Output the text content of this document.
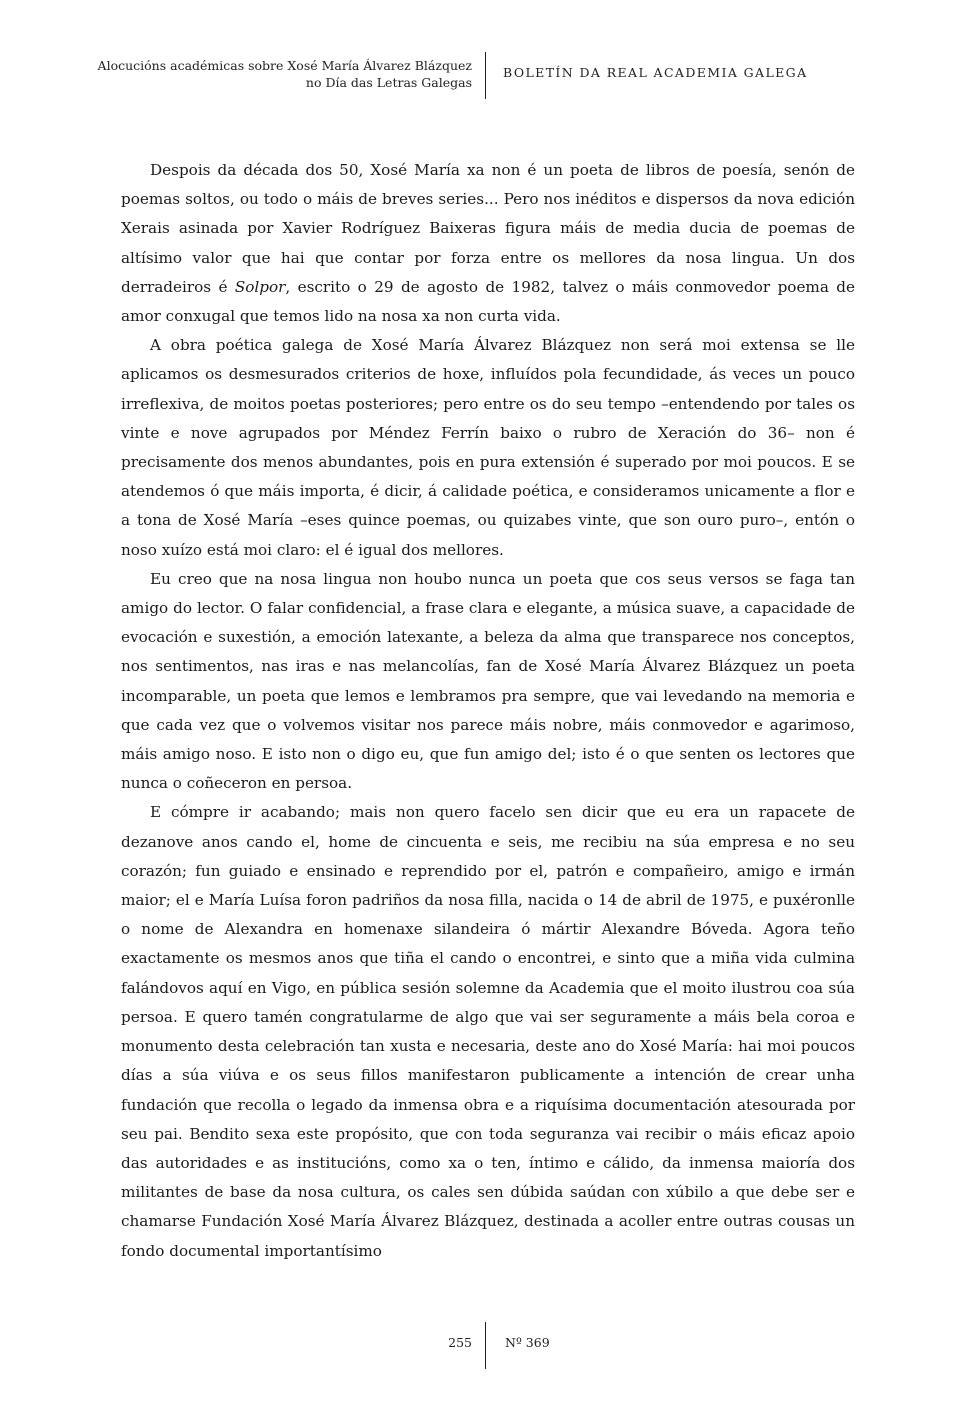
Alocucións académicas sobre Xosé María Álvarez Blázquez
no Día das Letras Galegas
BOLETÍN DA REAL ACADEMIA GALEGA

Despois da década dos 50, Xosé María xa non é un poeta de libros de poesía, senón de poemas soltos, ou todo o máis de breves series... Pero nos inéditos e dispersos da nova edición Xerais asinada por Xavier Rodríguez Baixeras figura máis de media ducia de poemas de altísimo valor que hai que contar por forza entre os mellores da nosa lingua. Un dos derradeiros é Solpor, escrito o 29 de agosto de 1982, talvez o máis conmovedor poema de amor conxugal que temos lido na nosa xa non curta vida.

A obra poética galega de Xosé María Álvarez Blázquez non será moi extensa se lle aplicamos os desmesurados criterios de hoxe, influídos pola fecundidade, ás veces un pouco irreflexiva, de moitos poetas posteriores; pero entre os do seu tempo –entendendo por tales os vinte e nove agrupados por Méndez Ferrín baixo o rubro de Xeración do 36– non é precisamente dos menos abundantes, pois en pura extensión é superado por moi poucos. E se atendemos ó que máis importa, é dicir, á calidade poética, e consideramos unicamente a flor e a tona de Xosé María –eses quince poemas, ou quizabes vinte, que son ouro puro–, entón o noso xuízo está moi claro: el é igual dos mellores.

Eu creo que na nosa lingua non houbo nunca un poeta que cos seus versos se faga tan amigo do lector. O falar confidencial, a frase clara e elegante, a música suave, a capacidade de evocación e suxestión, a emoción latexante, a beleza da alma que transparece nos conceptos, nos sentimentos, nas iras e nas melancolías, fan de Xosé María Álvarez Blázquez un poeta incomparable, un poeta que lemos e lembramos pra sempre, que vai levedando na memoria e que cada vez que o volvemos visitar nos parece máis nobre, máis conmovedor e agarimoso, máis amigo noso. E isto non o digo eu, que fun amigo del; isto é o que senten os lectores que nunca o coñeceron en persoa.

E cómpre ir acabando; mais non quero facelo sen dicir que eu era un rapacete de dezanove anos cando el, home de cincuenta e seis, me recibiu na súa empresa e no seu corazón; fun guiado e ensinado e reprendido por el, patrón e compañeiro, amigo e irmán maior; el e María Luísa foron padriños da nosa filla, nacida o 14 de abril de 1975, e puxéronlle o nome de Alexandra en homenaxe silandeira ó mártir Alexandre Bóveda. Agora teño exactamente os mesmos anos que tiña el cando o encontrei, e sinto que a miña vida culmina falándovos aquí en Vigo, en pública sesión solemne da Academia que el moito ilustrou coa súa persoa. E quero tamén congratularme de algo que vai ser seguramente a máis bela coroa e monumento desta celebración tan xusta e necesaria, deste ano do Xosé María: hai moi poucos días a súa viúva e os seus fillos manifestaron publicamente a intención de crear unha fundación que recolla o legado da inmensa obra e a riquísima documentación atesourada por seu pai. Bendito sexa este propósito, que con toda seguranza vai recibir o máis eficaz apoio das autoridades e as institucións, como xa o ten, íntimo e cálido, da inmensa maioría dos militantes de base da nosa cultura, os cales sen dúbida saúdan con xúbilo a que debe ser e chamarse Fundación Xosé María Álvarez Blázquez, destinada a acoller entre outras cousas un fondo documental importantísimo

255	Nº 369
